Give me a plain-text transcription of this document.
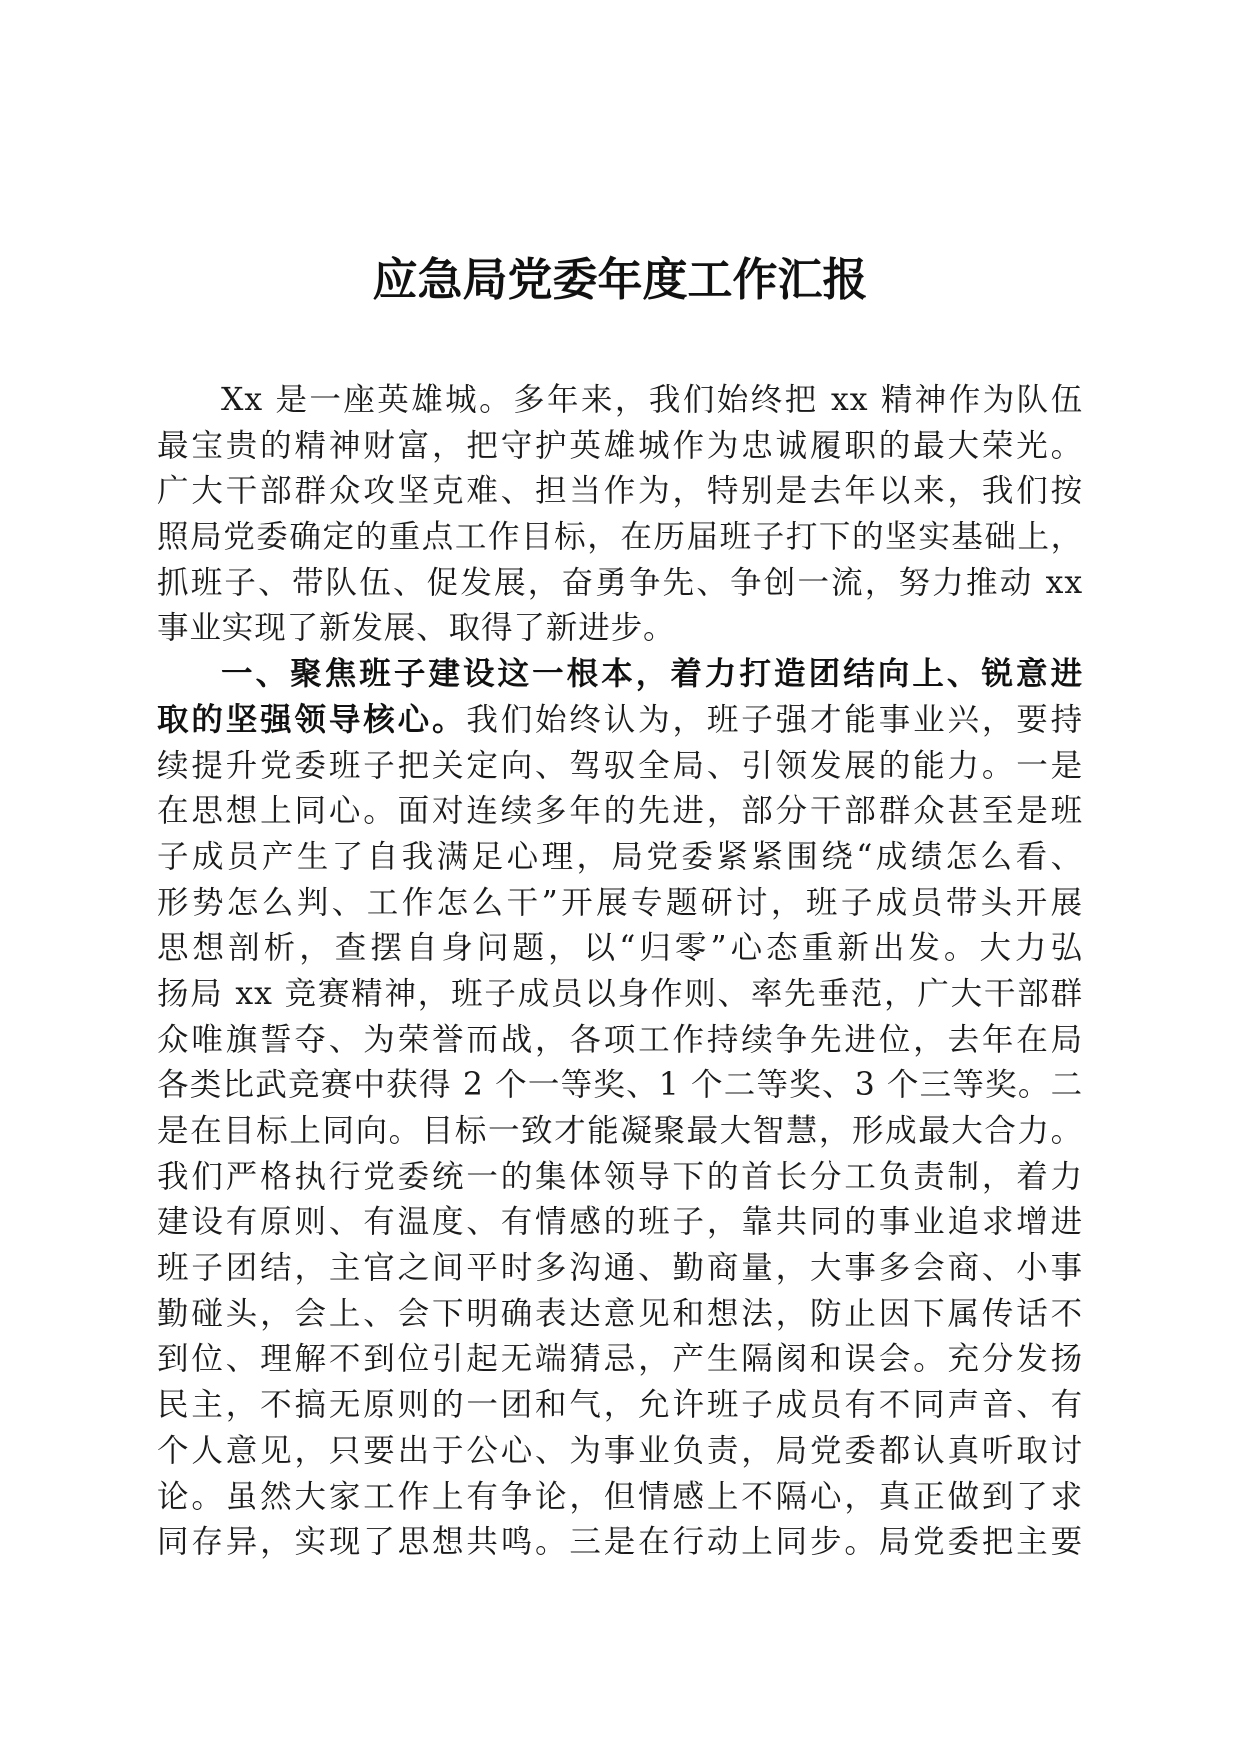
应急局党委年度工作汇报
Xx 是一座英雄城。多年来，我们始终把 xx 精神作为队伍
最宝贵的精神财富，把守护英雄城作为忠诚履职的最大荣光。
广大干部群众攻坚克难、担当作为，特别是去年以来，我们按
照局党委确定的重点工作目标，在历届班子打下的坚实基础上，
抓班子、带队伍、促发展，奋勇争先、争创一流，努力推动 xx
事业实现了新发展、取得了新进步。
一、聚焦班子建设这一根本，着力打造团结向上、锐意进
取的坚强领导核心。我们始终认为，班子强才能事业兴，要持
续提升党委班子把关定向、驾驭全局、引领发展的能力。一是
在思想上同心。面对连续多年的先进，部分干部群众甚至是班
子成员产生了自我满足心理，局党委紧紧围绕“成绩怎么看、
形势怎么判、工作怎么干”开展专题研讨，班子成员带头开展
思想剖析，查摆自身问题，以“归零”心态重新出发。大力弘
扬局 xx 竞赛精神，班子成员以身作则、率先垂范，广大干部群
众唯旗誓夺、为荣誉而战，各项工作持续争先进位，去年在局
各类比武竞赛中获得 2 个一等奖、1 个二等奖、3 个三等奖。二
是在目标上同向。目标一致才能凝聚最大智慧，形成最大合力。
我们严格执行党委统一的集体领导下的首长分工负责制，着力
建设有原则、有温度、有情感的班子，靠共同的事业追求增进
班子团结，主官之间平时多沟通、勤商量，大事多会商、小事
勤碰头，会上、会下明确表达意见和想法，防止因下属传话不
到位、理解不到位引起无端猜忌，产生隔阂和误会。充分发扬
民主，不搞无原则的一团和气，允许班子成员有不同声音、有
个人意见，只要出于公心、为事业负责，局党委都认真听取讨
论。虽然大家工作上有争论，但情感上不隔心，真正做到了求
同存异，实现了思想共鸣。三是在行动上同步。局党委把主要
